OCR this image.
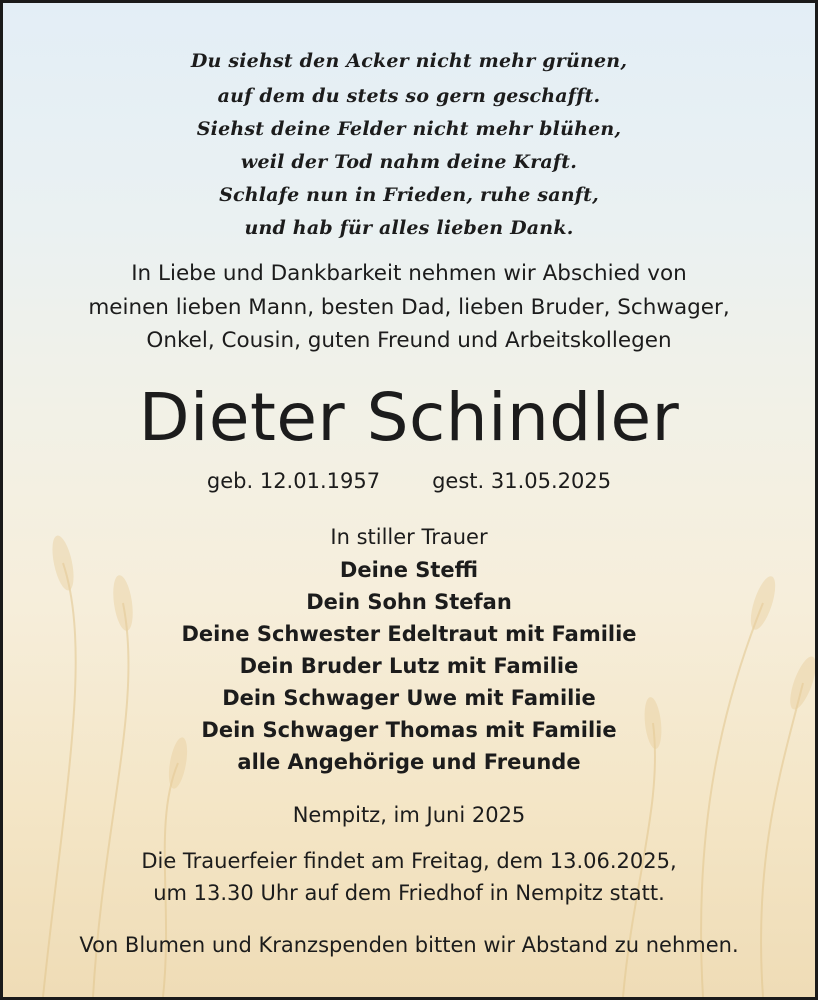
Du siehst den Acker nicht mehr grünen,
auf dem du stets so gern geschafft.
Siehst deine Felder nicht mehr blühen,
weil der Tod nahm deine Kraft.
Schlafe nun in Frieden, ruhe sanft,
und hab für alles lieben Dank.
In Liebe und Dankbarkeit nehmen wir Abschied von
meinen lieben Mann, besten Dad, lieben Bruder, Schwager,
Onkel, Cousin, guten Freund und Arbeitskollegen
Dieter Schindler
geb. 12.01.1957 gest. 31.05.2025
In stiller Trauer
Deine Steffi
Dein Sohn Stefan
Deine Schwester Edeltraut mit Familie
Dein Bruder Lutz mit Familie
Dein Schwager Uwe mit Familie
Dein Schwager Thomas mit Familie
alle Angehörige und Freunde
Nempitz, im Juni 2025
Die Trauerfeier findet am Freitag, dem 13.06.2025,
um 13.30 Uhr auf dem Friedhof in Nempitz statt.
Von Blumen und Kranzspenden bitten wir Abstand zu nehmen.
